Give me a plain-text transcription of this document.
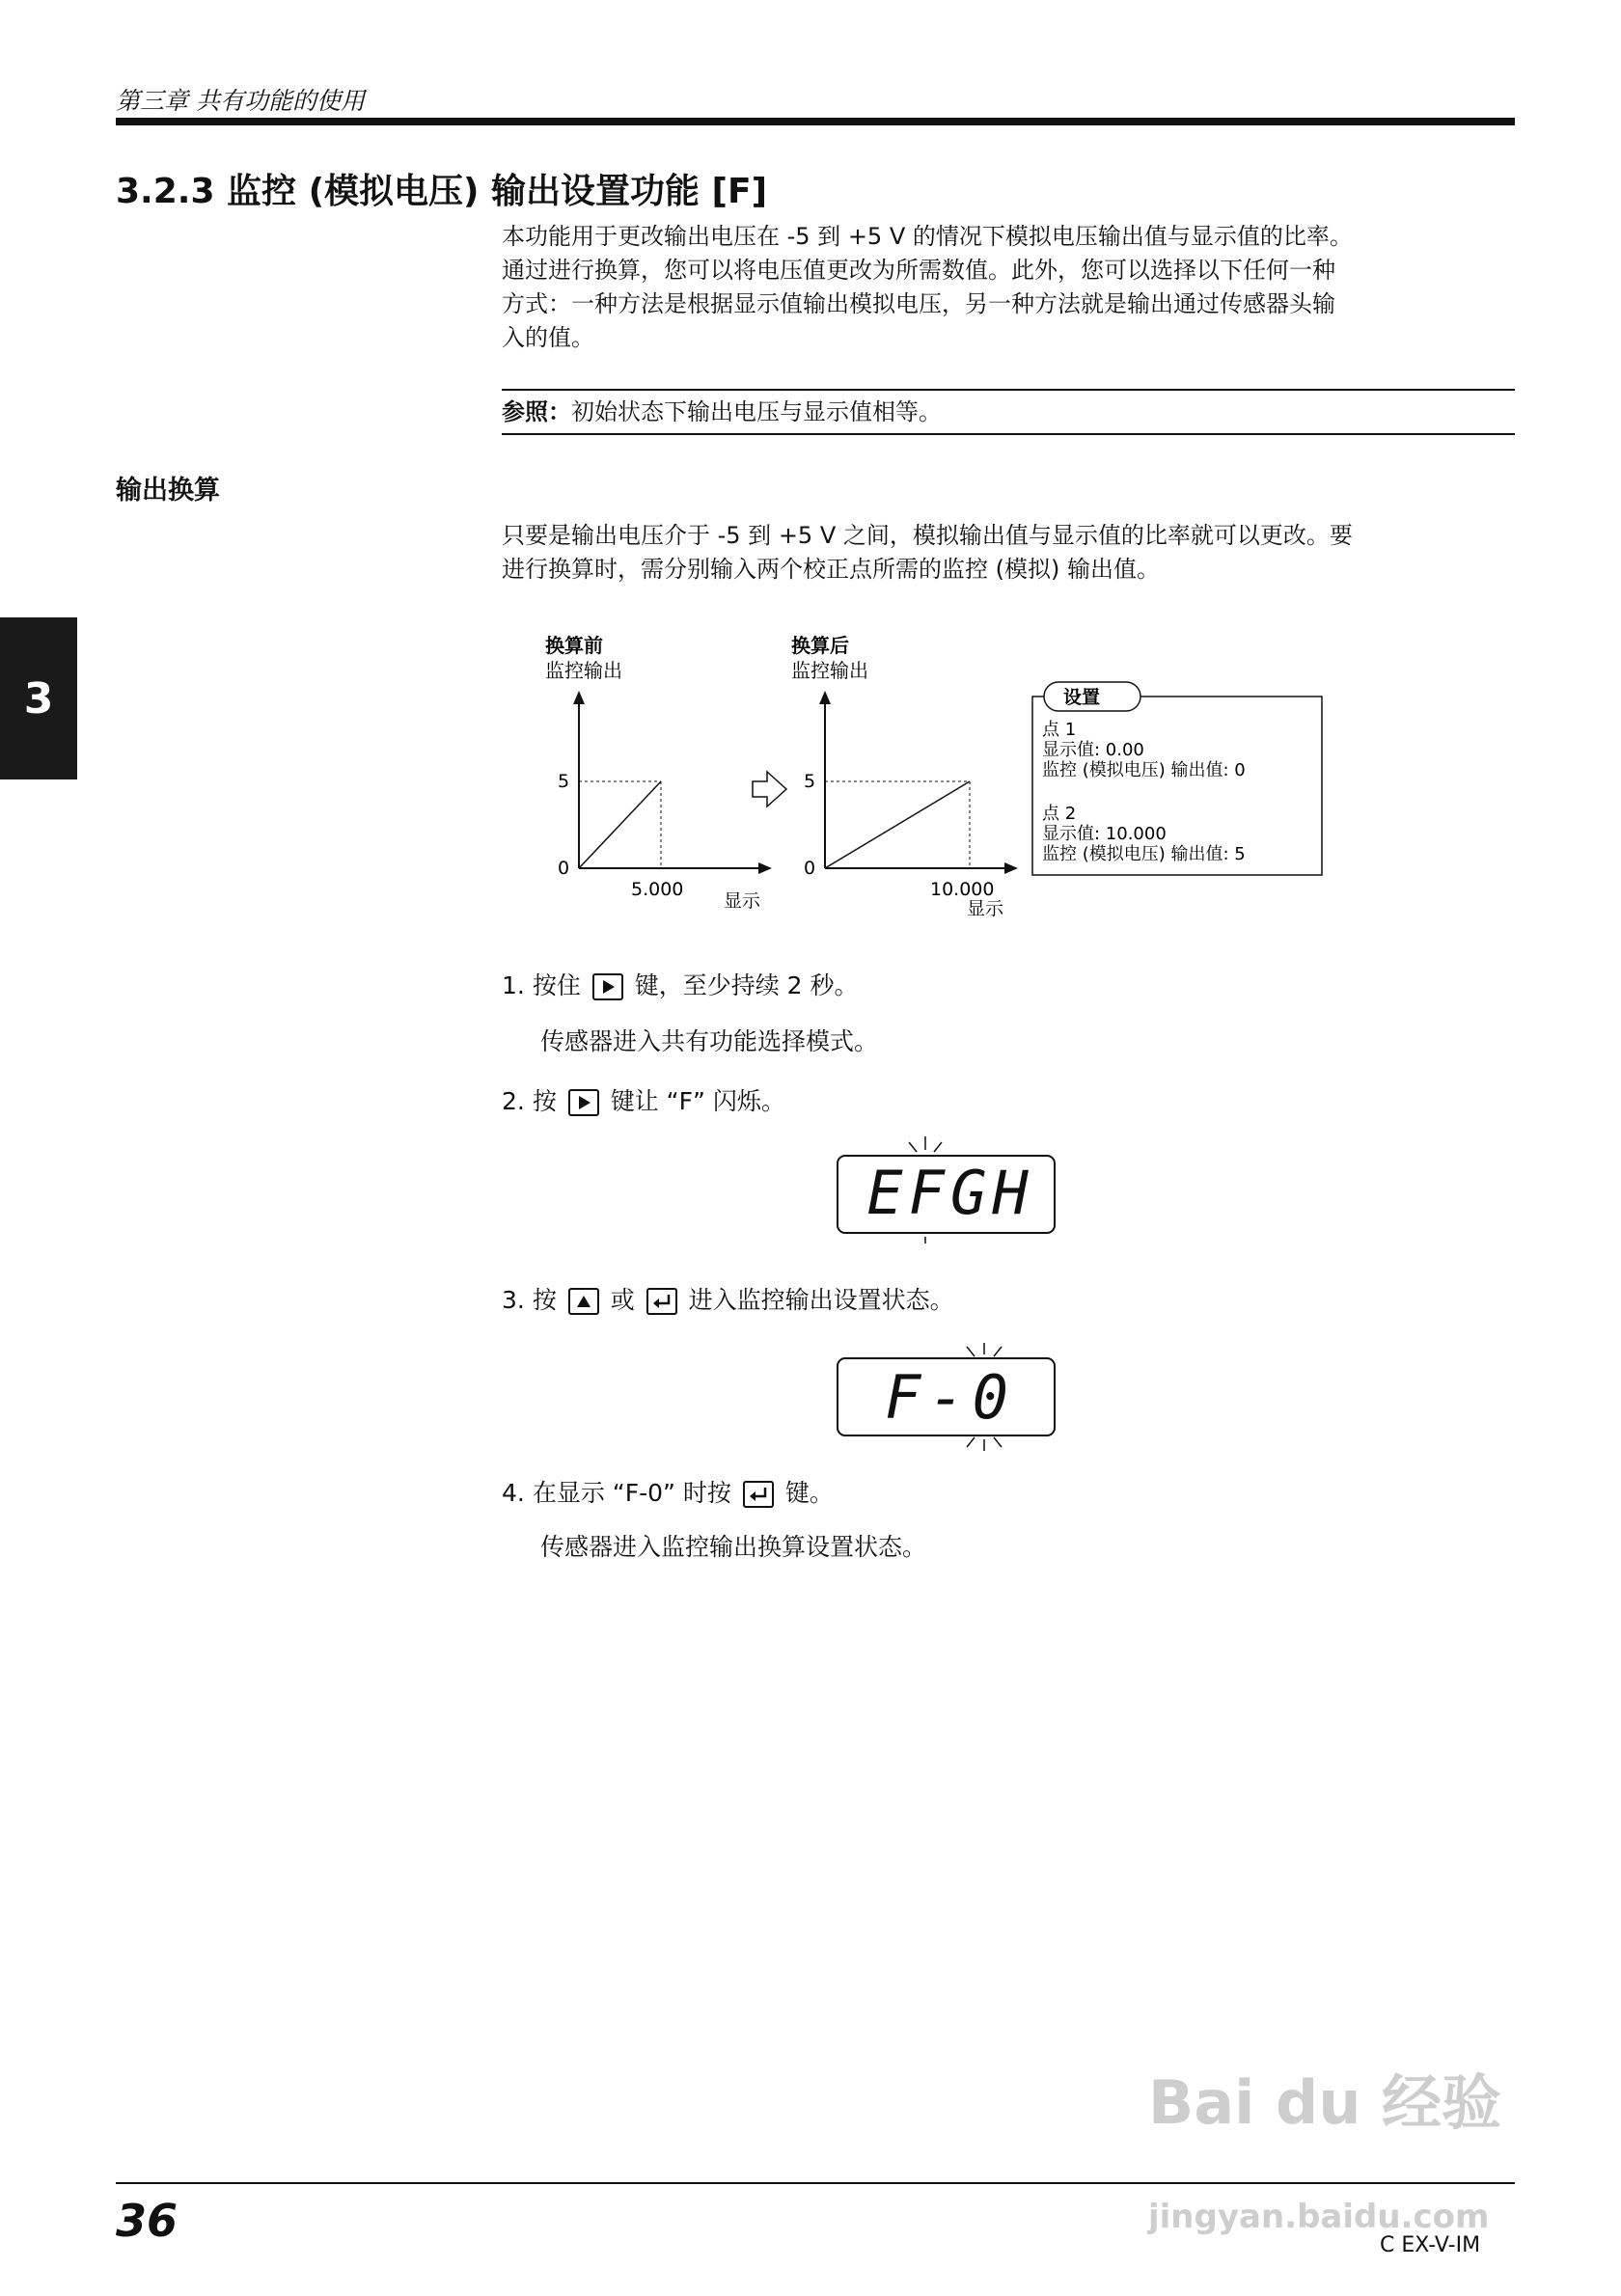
第三章 共有功能的使用
3.2.3 监控 (模拟电压) 输出设置功能 [F]
本功能用于更改输出电压在 -5 到 +5 V 的情况下模拟电压输出值与显示值的比率。
通过进行换算，您可以将电压值更改为所需数值。此外，您可以选择以下任何一种
方式：一种方法是根据显示值输出模拟电压，另一种方法就是输出通过传感器头输
入的值。
参照：初始状态下输出电压与显示值相等。
输出换算
只要是输出电压介于 -5 到 +5 V 之间，模拟输出值与显示值的比率就可以更改。要
进行换算时，需分别输入两个校正点所需的监控 (模拟) 输出值。
3
换算前
监控输出
5
0
5.000
显示
换算后
监控输出
5
0
10.000
显示
设置
点 1
显示值: 0.00
监控 (模拟电压) 输出值: 0
点 2
显示值: 10.000
监控 (模拟电压) 输出值: 5
1. 按住 键，至少持续 2 秒。
传感器进入共有功能选择模式。
2. 按 键让 “F” 闪烁。
EFGH
3. 按 或 进入监控输出设置状态。
F-0
4. 在显示 “F-0” 时按 键。
传感器进入监控输出换算设置状态。
Bai du 经验
jingyan.baidu.com
36	C EX-V-IM
